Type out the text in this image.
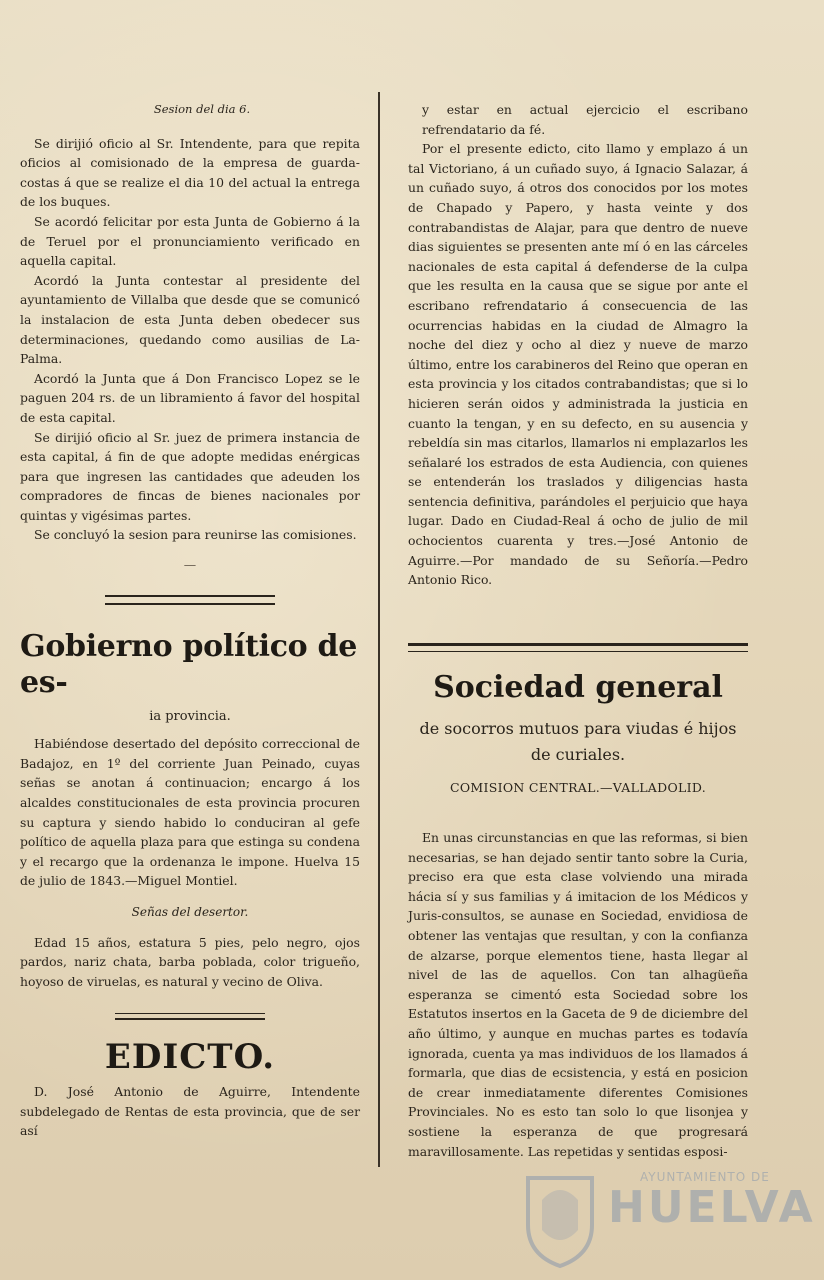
Sesion del dia 6.

Se dirijió oficio al Sr. Intendente, para que repita oficios al comisionado de la empresa de guarda-costas á que se realize el dia 10 del actual la entrega de los buques.

Se acordó felicitar por esta Junta de Gobierno á la de Teruel por el pronunciamiento verificado en aquella capital.

Acordó la Junta contestar al presidente del ayuntamiento de Villalba que desde que se comunicó la instalacion de esta Junta deben obedecer sus determinaciones, quedando como ausilias de La-Palma.

Acordó la Junta que á Don Francisco Lopez se le paguen 204 rs. de un libramiento á favor del hospital de esta capital.

Se dirijió oficio al Sr. juez de primera instancia de esta capital, á fin de que adopte medidas enérgicas para que ingresen las cantidades que adeuden los compradores de fincas de bienes nacionales por quintas y vigésimas partes.

Se concluyó la sesion para reunirse las comisiones.

—
Gobierno político de es-
ia provincia.

Habiéndose desertado del depósito correccional de Badajoz, en 1º del corriente Juan Peinado, cuyas señas se anotan á continuacion; encargo á los alcaldes constitucionales de esta provincia procuren su captura y siendo habido lo conduciran al gefe político de aquella plaza para que estinga su condena y el recargo que la ordenanza le impone. Huelva 15 de julio de 1843.—Miguel Montiel.

Señas del desertor.

Edad 15 años, estatura 5 pies, pelo negro, ojos pardos, nariz chata, barba poblada, color trigueño, hoyoso de viruelas, es natural y vecino de Oliva.

EDICTO.

D. José Antonio de Aguirre, Intendente subdelegado de Rentas de esta provincia, que de ser así

y estar en actual ejercicio el escribano refrendatario da fé.

Por el presente edicto, cito llamo y emplazo á un tal Victoriano, á un cuñado suyo, á Ignacio Salazar, á un cuñado suyo, á otros dos conocidos por los motes de Chapado y Papero, y hasta veinte y dos contrabandistas de Alajar, para que dentro de nueve dias siguientes se presenten ante mí ó en las cárceles nacionales de esta capital á defenderse de la culpa que les resulta en la causa que se sigue por ante el escribano refrendatario á consecuencia de las ocurrencias habidas en la ciudad de Almagro la noche del diez y ocho al diez y nueve de marzo último, entre los carabineros del Reino que operan en esta provincia y los citados contrabandistas; que si lo hicieren serán oidos y administrada la justicia en cuanto la tengan, y en su defecto, en su ausencia y rebeldía sin mas citarlos, llamarlos ni emplazarlos les señalaré los estrados de esta Audiencia, con quienes se entenderán los traslados y diligencias hasta sentencia definitiva, parándoles el perjuicio que haya lugar. Dado en Ciudad-Real á ocho de julio de mil ochocientos cuarenta y tres.—José Antonio de Aguirre.—Por mandado de su Señoría.—Pedro Antonio Rico.

Sociedad general
de socorros mutuos para viudas é hijos de curiales.
COMISION CENTRAL.—VALLADOLID.

En unas circunstancias en que las reformas, si bien necesarias, se han dejado sentir tanto sobre la Curia, preciso era que esta clase volviendo una mirada hácia sí y sus familias y á imitacion de los Médicos y Juris-consultos, se aunase en Sociedad, envidiosa de obtener las ventajas que resultan, y con la confianza de alzarse, porque elementos tiene, hasta llegar al nivel de las de aquellos. Con tan alhagüeña esperanza se cimentó esta Sociedad sobre los Estatutos insertos en la Gaceta de 9 de diciembre del año último, y aunque en muchas partes es todavía ignorada, cuenta ya mas individuos de los llamados á formarla, que dias de ecsistencia, y está en posicion de crear inmediatamente diferentes Comisiones Provinciales. No es esto tan solo lo que lisonjea y sostiene la esperanza de que progresará maravillosamente. Las repetidas y sentidas esposi-

AYUNTAMIENTO DE
HUELVA
